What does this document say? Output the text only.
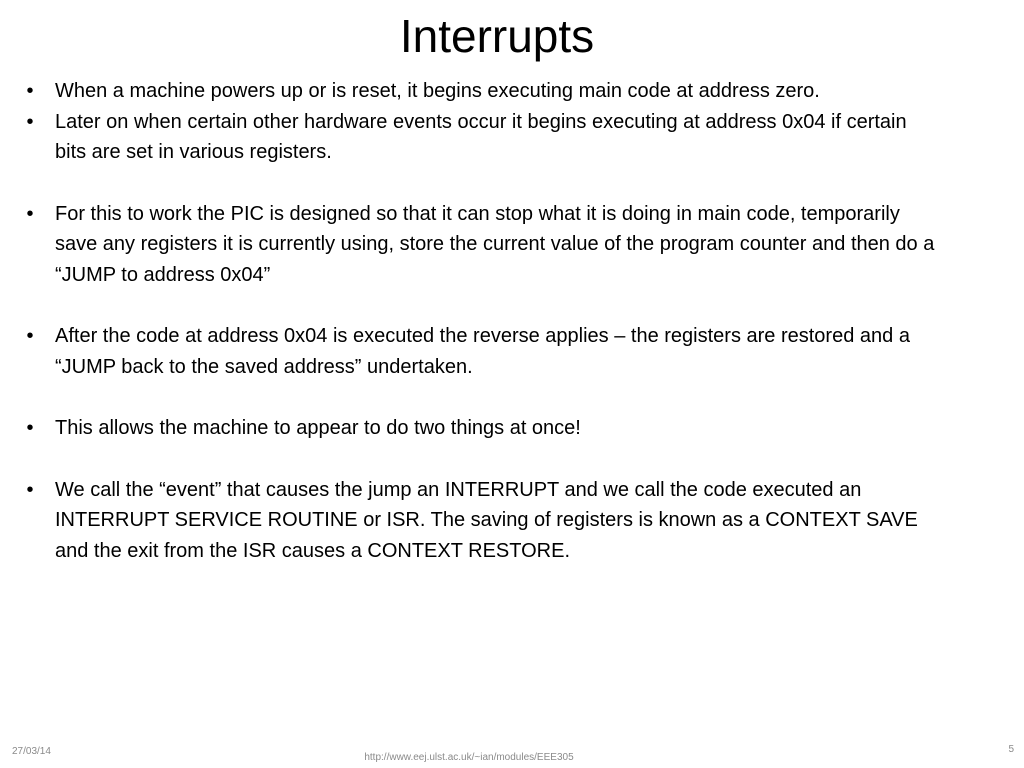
Interrupts
•	When a machine powers up or is reset, it begins executing main code at address zero.
•	Later on when certain other hardware events occur it begins executing at address 0x04 if certain bits are set in various registers.
•	For this to work the PIC is designed so that it can stop what it is doing in main code, temporarily save any registers it is currently using, store the current value of the program counter and then do a “JUMP to address 0x04”
•	After the code at address 0x04 is executed the reverse applies – the registers are restored and a “JUMP back to the saved address” undertaken.
•	This allows the machine to appear to do two things at once!
•	We call the “event” that causes the jump an INTERRUPT and we call the code executed an INTERRUPT SERVICE ROUTINE or ISR. The saving of registers is known as a CONTEXT SAVE and the exit from the ISR causes a CONTEXT RESTORE.
27/03/14
http://www.eej.ulst.ac.uk/~ian/modules/EEE305
5
